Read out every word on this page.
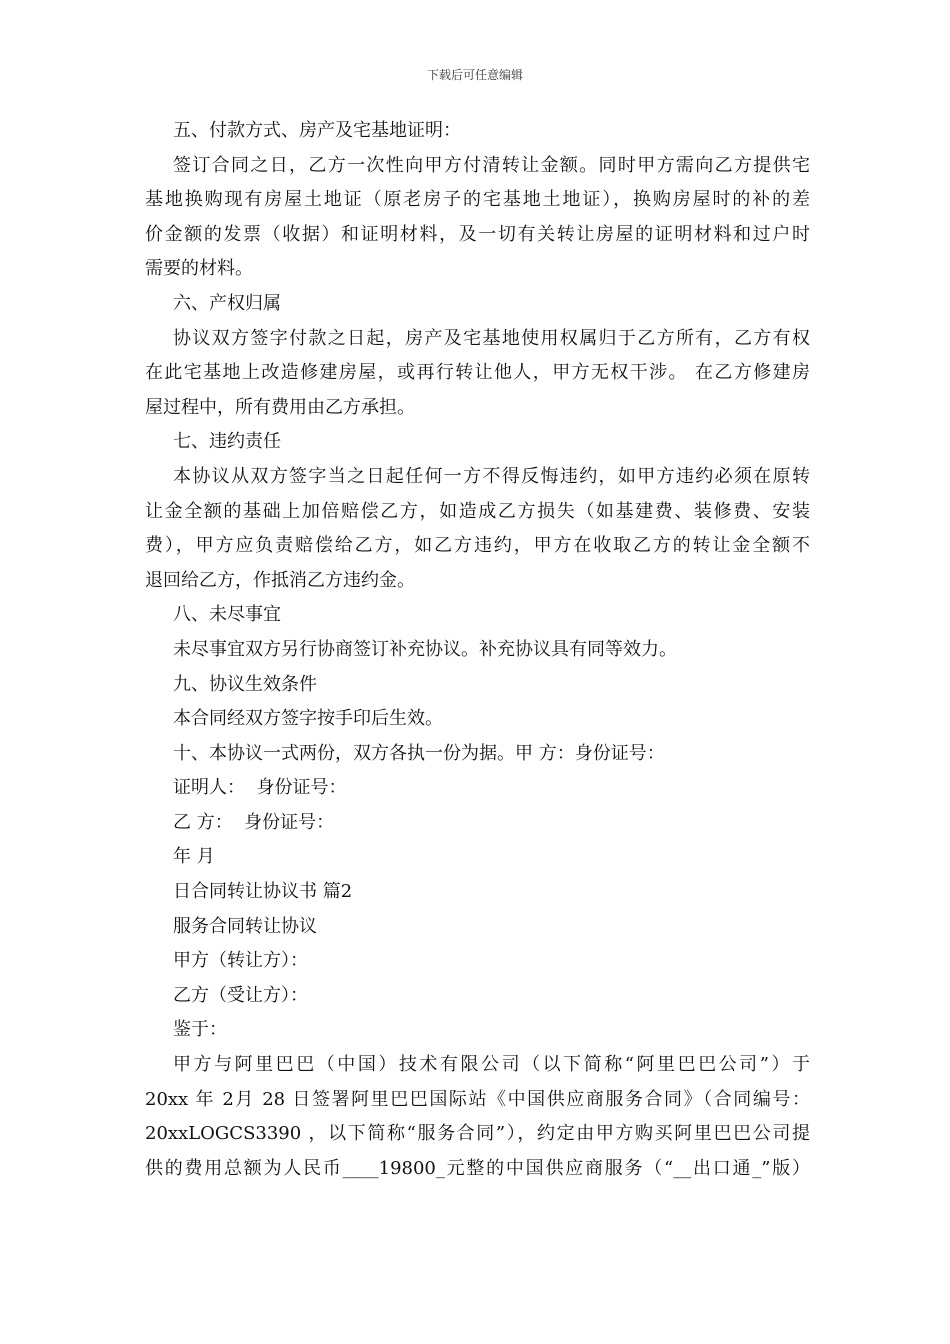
下载后可任意编辑
五、付款方式、房产及宅基地证明：
签订合同之日，乙方一次性向甲方付清转让金额。同时甲方需向乙方提供宅
基地换购现有房屋土地证（原老房子的宅基地土地证），换购房屋时的补的差
价金额的发票（收据）和证明材料，及一切有关转让房屋的证明材料和过户时
需要的材料。
六、产权归属
协议双方签字付款之日起，房产及宅基地使用权属归于乙方所有，乙方有权
在此宅基地上改造修建房屋，或再行转让他人，甲方无权干涉。 在乙方修建房
屋过程中，所有费用由乙方承担。
七、违约责任
本协议从双方签字当之日起任何一方不得反悔违约，如甲方违约必须在原转
让金全额的基础上加倍赔偿乙方，如造成乙方损失（如基建费、装修费、安装
费），甲方应负责赔偿给乙方，如乙方违约，甲方在收取乙方的转让金全额不
退回给乙方，作抵消乙方违约金。
八、未尽事宜
未尽事宜双方另行协商签订补充协议。补充协议具有同等效力。
九、协议生效条件
本合同经双方签字按手印后生效。
十、本协议一式两份，双方各执一份为据。甲 方：身份证号：
证明人：  身份证号：
乙 方：  身份证号：
年 月
日合同转让协议书 篇2
服务合同转让协议
甲方（转让方）：
乙方（受让方）：
鉴于：
甲方与阿里巴巴（中国）技术有限公司（以下简称“阿里巴巴公司”）于
20xx 年 2月 28 日签署阿里巴巴国际站《中国供应商服务合同》（合同编号：
20xxLOGCS3390 ，以下简称“服务合同”），约定由甲方购买阿里巴巴公司提
供的费用总额为人民币____19800_元整的中国供应商服务（“__出口通_”版）
